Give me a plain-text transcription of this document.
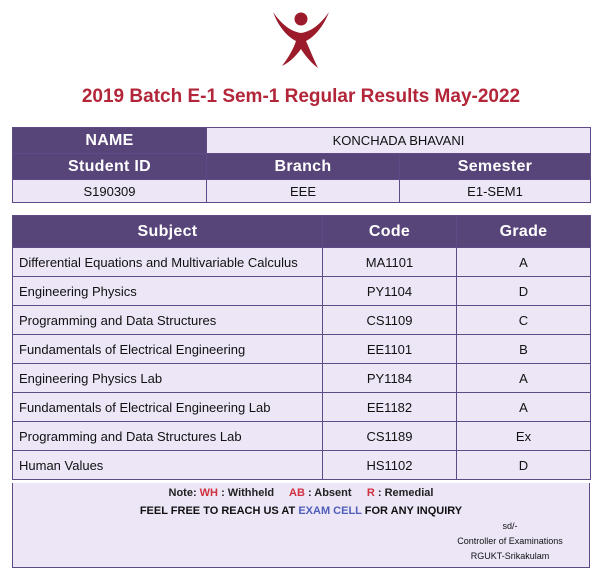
2019 Batch E-1 Sem-1 Regular Results May-2022
NAME	KONCHADA BHAVANI	
Student ID	Branch	Semester
S190309	EEE	E1-SEM1
Subject	Code	Grade
Differential Equations and Multivariable Calculus	MA1101	A
Engineering Physics	PY1104	D
Programming and Data Structures	CS1109	C
Fundamentals of Electrical Engineering	EE1101	B
Engineering Physics Lab	PY1184	A
Fundamentals of Electrical Engineering Lab	EE1182	A
Programming and Data Structures Lab	CS1189	Ex
Human Values	HS1102	D
Note: WH : Withheld AB : Absent R : Remedial
FEEL FREE TO REACH US AT EXAM CELL FOR ANY INQUIRY
sd/-
Controller of Examinations
RGUKT-Srikakulam
